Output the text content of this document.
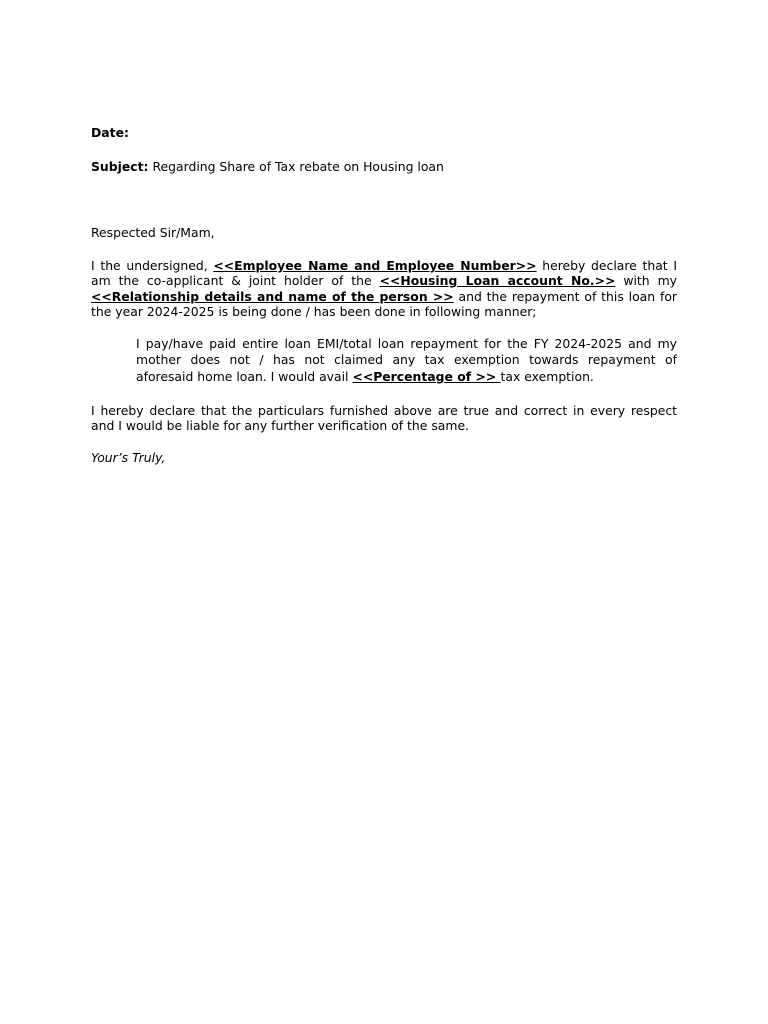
Date:
Subject: Regarding Share of Tax rebate on Housing loan
Respected Sir/Mam,
I the undersigned, <<Employee Name and Employee Number>> hereby declare that I
am the co-applicant & joint holder of the <<Housing Loan account No.>> with my
<<Relationship details and name of the person >> and the repayment of this loan for
the year 2024-2025 is being done / has been done in following manner;
I pay/have paid entire loan EMI/total loan repayment for the FY 2024-2025 and my
mother does not / has not claimed any tax exemption towards repayment of
aforesaid home loan. I would avail <<Percentage of >> tax exemption.
I hereby declare that the particulars furnished above are true and correct in every respect
and I would be liable for any further verification of the same.
Your’s Truly,
